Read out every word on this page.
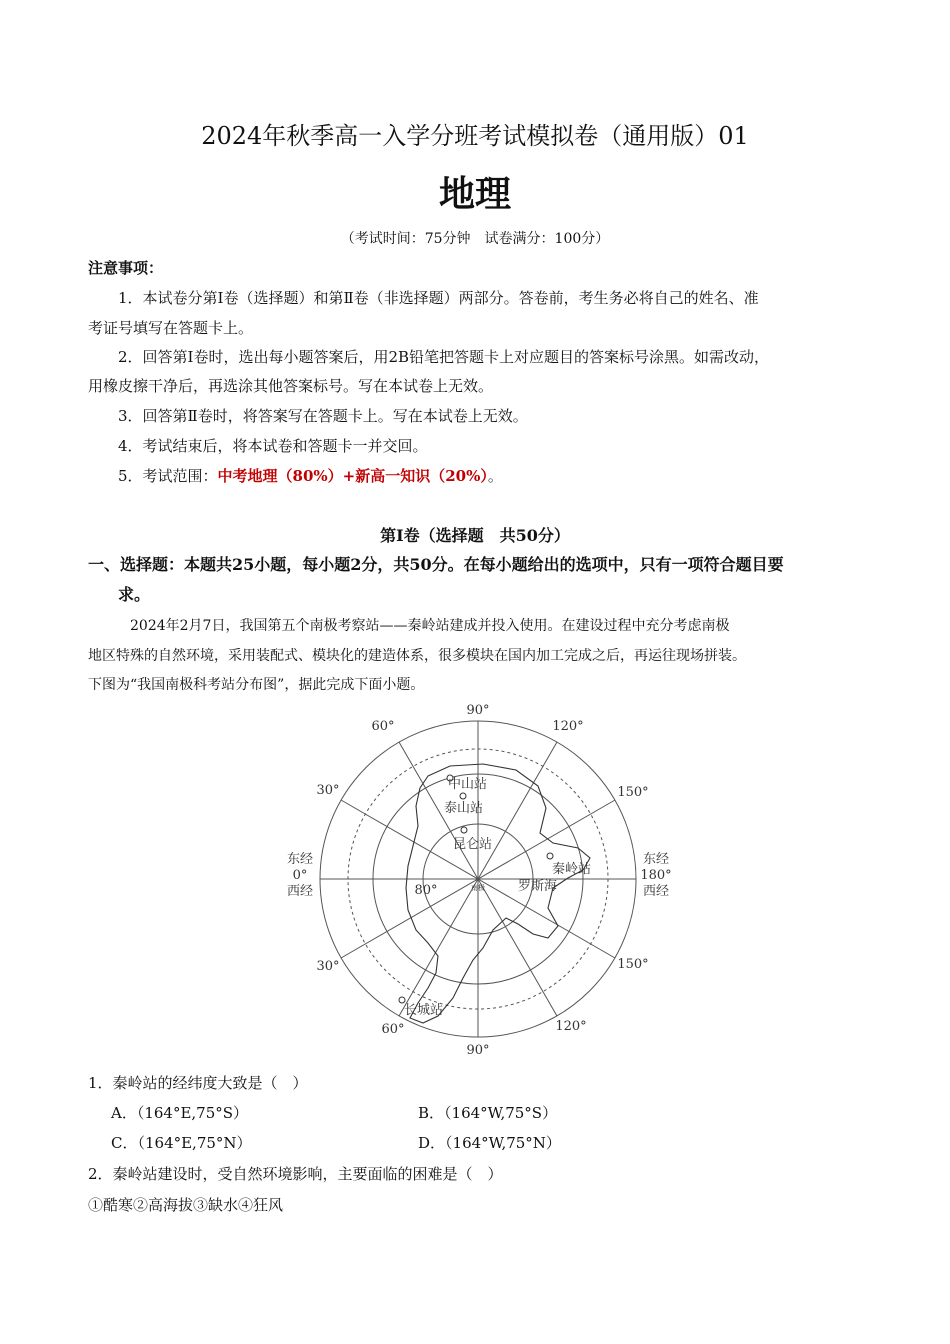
2024年秋季高一入学分班考试模拟卷（通用版）01
地理
（考试时间：75分钟　试卷满分：100分）
注意事项：
1．本试卷分第Ⅰ卷（选择题）和第Ⅱ卷（非选择题）两部分。答卷前，考生务必将自己的姓名、准
考证号填写在答题卡上。
2．回答第Ⅰ卷时，选出每小题答案后，用2B铅笔把答题卡上对应题目的答案标号涂黑。如需改动，
用橡皮擦干净后，再选涂其他答案标号。写在本试卷上无效。
3．回答第Ⅱ卷时，将答案写在答题卡上。写在本试卷上无效。
4．考试结束后，将本试卷和答题卡一并交回。
5．考试范围：中考地理（80%）+新高一知识（20%）。
第Ⅰ卷（选择题　共50分）
一、选择题：本题共25小题，每小题2分，共50分。在每小题给出的选项中，只有一项符合题目要
求。
2024年2月7日，我国第五个南极考察站——秦岭站建成并投入使用。在建设过程中充分考虑南极
地区特殊的自然环境，采用装配式、模块化的建造体系，很多模块在国内加工完成之后，再运往现场拼装。
下图为“我国南极科考站分布图”，据此完成下面小题。
90°
90°
60°	120°
30°	150°
30°	150°
60°	120°
东经
0°
西经
东经
180°
西经
80°	南极
中山站
泰山站
昆仑站
秦岭站
罗斯海
长城站
1．秦岭站的经纬度大致是（　）
A．（164°E,75°S）	B．（164°W,75°S）
C．（164°E,75°N）	D．（164°W,75°N）
2．秦岭站建设时，受自然环境影响，主要面临的困难是（　）
①酷寒②高海拔③缺水④狂风
